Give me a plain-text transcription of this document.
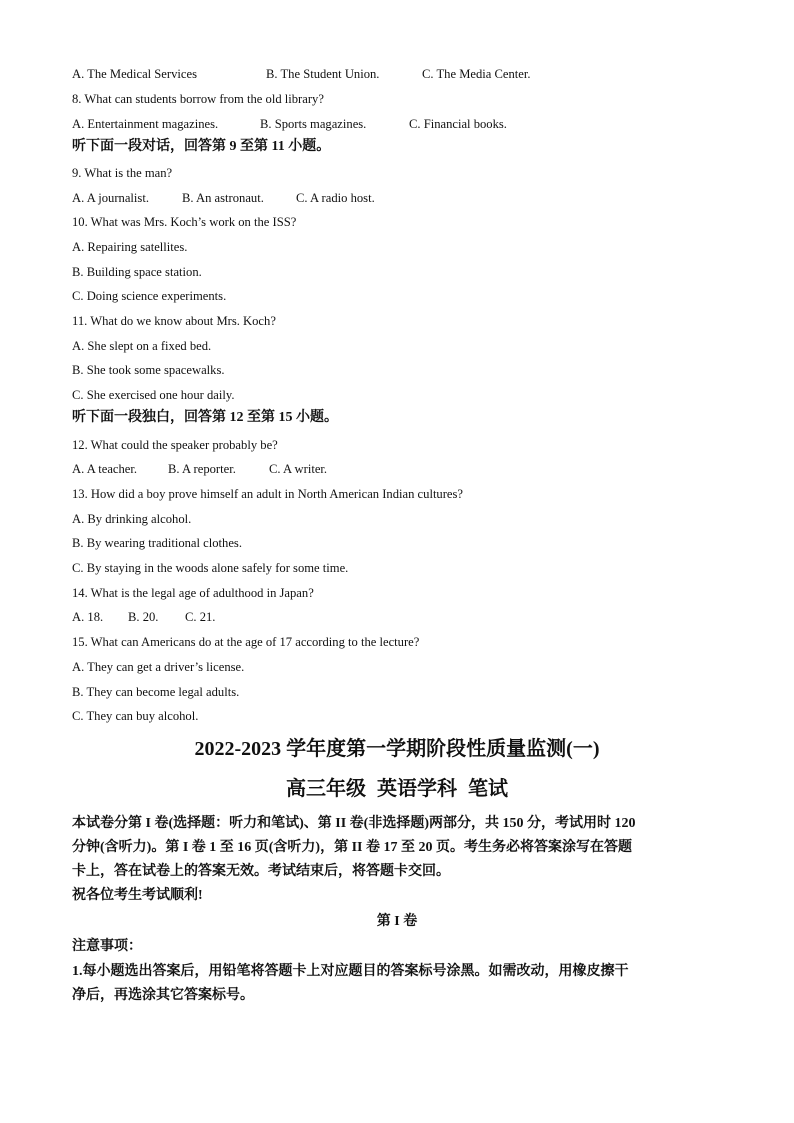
A. The Medical Services	B. The Student Union.	C. The Media Center.
8. What can students borrow from the old library?
A. Entertainment magazines.	B. Sports magazines.	C. Financial books.
听下面一段对话，回答第 9 至第 11 小题。
9. What is the man?
A. A journalist.	B. An astronaut.	C. A radio host.
10. What was Mrs. Koch’s work on the ISS?
A. Repairing satellites.
B. Building space station.
C. Doing science experiments.
11. What do we know about Mrs. Koch?
A. She slept on a fixed bed.
B. She took some spacewalks.
C. She exercised one hour daily.
听下面一段独白，回答第 12 至第 15 小题。
12. What could the speaker probably be?
A. A teacher. B. A reporter.	C. A writer.
13. How did a boy prove himself an adult in North American Indian cultures?
A. By drinking alcohol.
B. By wearing traditional clothes.
C. By staying in the woods alone safely for some time.
14. What is the legal age of adulthood in Japan?
A. 18. B. 20. C. 21.
15. What can Americans do at the age of 17 according to the lecture?
A. They can get a driver’s license.
B. They can become legal adults.
C. They can buy alcohol.
2022-2023 学年度第一学期阶段性质量监测(一)
高三年级 英语学科 笔试
本试卷分第 I 卷(选择题：听力和笔试)、第 II 卷(非选择题)两部分，共 150 分，考试用时 120
分钟(含听力)。第 I 卷 1 至 16 页(含听力)，第 II 卷 17 至 20 页。考生务必将答案涂写在答题
卡上，答在试卷上的答案无效。考试结束后，将答题卡交回。
祝各位考生考试顺利!
第 I 卷
注意事项：
1.每小题选出答案后，用铅笔将答题卡上对应题目的答案标号涂黑。如需改动，用橡皮擦干
净后，再选涂其它答案标号。
